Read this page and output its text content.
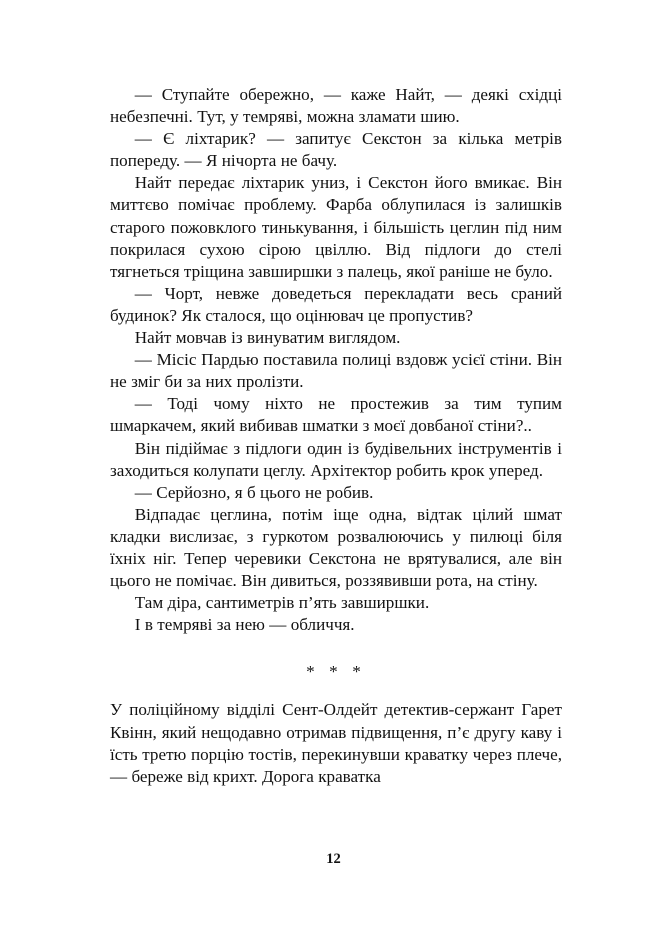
— Ступайте обережно, — каже Найт, — деякі східці небезпечні. Тут, у темряві, можна зламати шию.

— Є ліхтарик? — запитує Секстон за кілька метрів попереду. — Я нічорта не бачу.

Найт передає ліхтарик униз, і Секстон його вмикає. Він миттєво помічає проблему. Фарба облупилася із залишків старого пожовклого тинькування, і більшість цеглин під ним покрилася сухою сірою цвіллю. Від підлоги до стелі тягнеться тріщина завширшки з палець, якої раніше не було.

— Чорт, невже доведеться перекладати весь сраний будинок? Як сталося, що оцінювач це пропустив?

Найт мовчав із винуватим виглядом.

— Місіс Пардью поставила полиці вздовж усієї стіни. Він не зміг би за них пролізти.

— Тоді чому ніхто не простежив за тим тупим шмаркачем, який вибивав шматки з моєї довбаної стіни?..

Він підіймає з підлоги один із будівельних інструментів і заходиться колупати цеглу. Архітектор робить крок уперед.

— Серйозно, я б цього не робив.

Відпадає цеглина, потім іще одна, відтак цілий шмат кладки вислизає, з гуркотом розвалюючись у пилюці біля їхніх ніг. Тепер черевики Секстона не врятувалися, але він цього не помічає. Він дивиться, роззявивши рота, на стіну.

Там діра, сантиметрів п’ять завширшки.

І в темряві за нею — обличчя.

* * *

У поліційному відділі Сент-Олдейт детектив-сержант Гарет Квінн, який нещодавно отримав підвищення, п’є другу каву і їсть третю порцію тостів, перекинувши краватку через плече, — береже від крихт. Дорога краватка

12
